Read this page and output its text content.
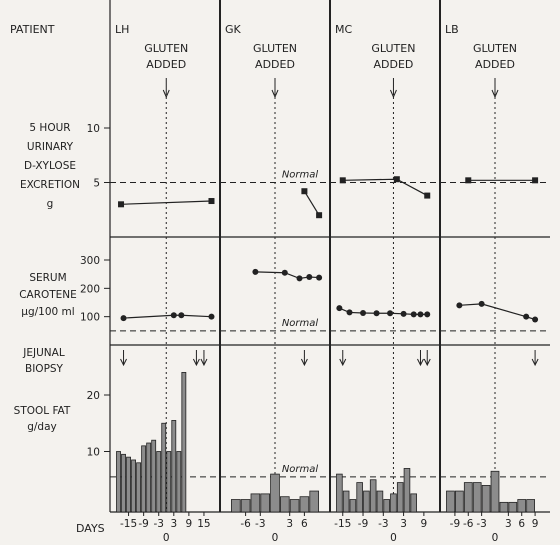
PATIENT
5 HOUR
URINARY
D-XYLOSE
EXCRETION
g
SERUM
CAROTENE
μg/100 ml
JEJUNAL
BIOPSY
STOOL FAT
g/day
DAYS
5
10
100
200
300
10
20
Normal
Normal
Normal
LH
GLUTEN
ADDED
-15 -9 -3 3 9 15
0
GK
GLUTEN
ADDED
-6 -3 3 6
0
MC
GLUTEN
ADDED
-15 -9 -3 3 9
0
LB
GLUTEN
ADDED
-9 -6 -3 3 6 9
0
